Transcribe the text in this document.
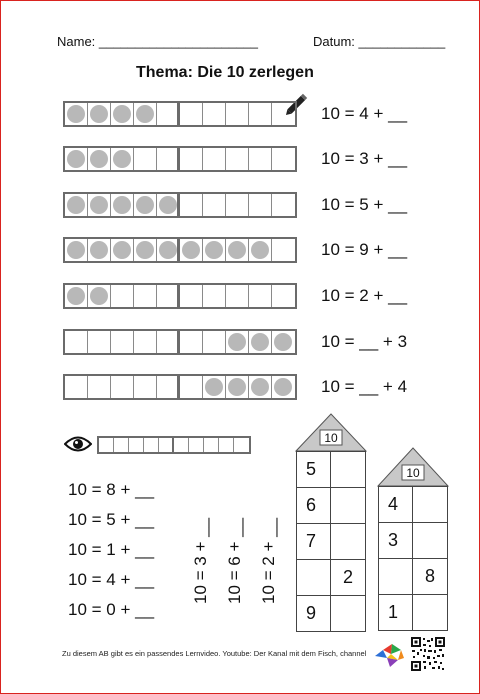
Name: ______________________	Datum: ____________
Thema: Die 10 zerlegen
10 = 4 + __
10 = 3 + __
10 = 5 + __
10 = 9 + __
10 = 2 + __
10 = __ + 3
10 = __ + 4
10 = 8 + __
10 = 5 + __
10 = 1 + __
10 = 4 + __
10 = 0 + __
10 = 3 + __ 10 = 6 + __ 10 = 2 + __
10
5
6
7
2
9
10
4
3
8
1
Zu diesem AB gibt es ein passendes Lernvideo. Youtube: Der Kanal mit dem Fisch, channel
